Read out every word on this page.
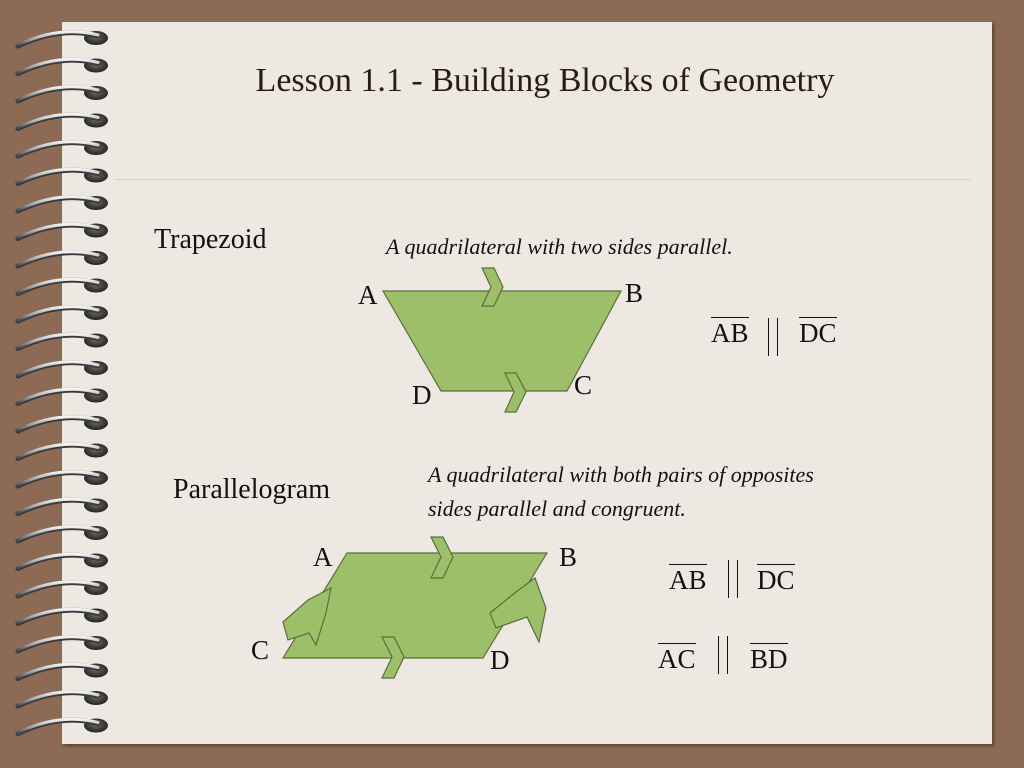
Lesson 1.1 - Building Blocks of Geometry
Trapezoid	A quadrilateral with two sides parallel.
A	B
C
D
AB DC
Parallelogram	A quadrilateral with both pairs of opposites
sides parallel and congruent.
A	B
C	D
AB DC
AC BD
